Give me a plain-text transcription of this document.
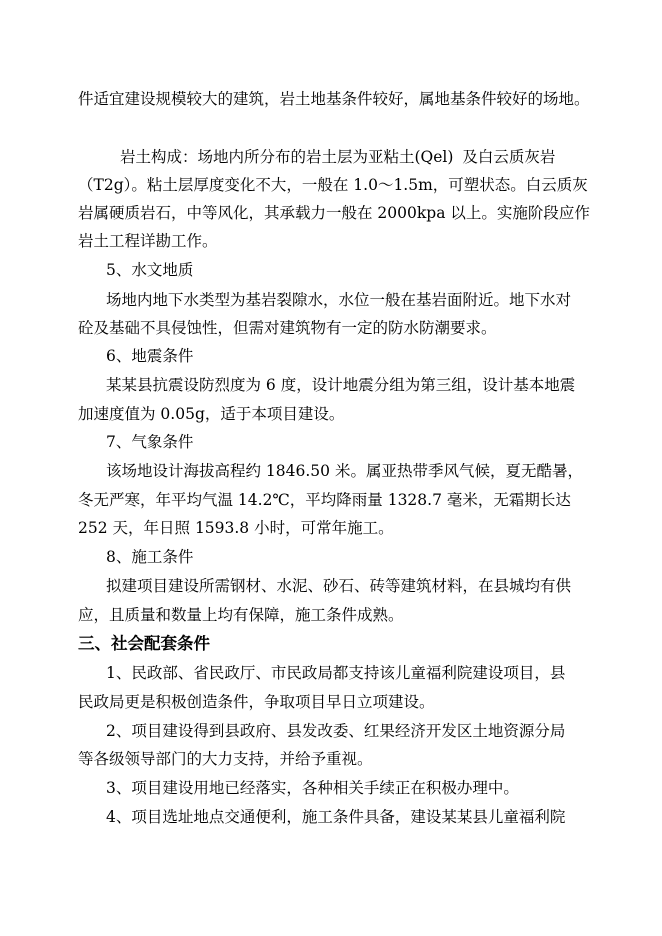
件适宜建设规模较大的建筑，岩土地基条件较好，属地基条件较好的场地。
岩土构成：场地内所分布的岩土层为亚粘土(Qel) 及白云质灰岩
（T2g）。粘土层厚度变化不大，一般在 1.0～1.5m，可塑状态。白云质灰
岩属硬质岩石，中等风化，其承载力一般在 2000kpa 以上。实施阶段应作
岩土工程详勘工作。
5、水文地质
场地内地下水类型为基岩裂隙水，水位一般在基岩面附近。地下水对
砼及基础不具侵蚀性，但需对建筑物有一定的防水防潮要求。
6、地震条件
某某县抗震设防烈度为 6 度，设计地震分组为第三组，设计基本地震
加速度值为 0.05g，适于本项目建设。
7、气象条件
该场地设计海拔高程约 1846.50 米。属亚热带季风气候，夏无酷暑，
冬无严寒，年平均气温 14.2℃，平均降雨量 1328.7 毫米，无霜期长达
252 天，年日照 1593.8 小时，可常年施工。
8、施工条件
拟建项目建设所需钢材、水泥、砂石、砖等建筑材料，在县城均有供
应，且质量和数量上均有保障，施工条件成熟。
三、社会配套条件
1、民政部、省民政厅、市民政局都支持该儿童福利院建设项目，县
民政局更是积极创造条件，争取项目早日立项建设。
2、项目建设得到县政府、县发改委、红果经济开发区土地资源分局
等各级领导部门的大力支持，并给予重视。
3、项目建设用地已经落实，各种相关手续正在积极办理中。
4、项目选址地点交通便利，施工条件具备，建设某某县儿童福利院
